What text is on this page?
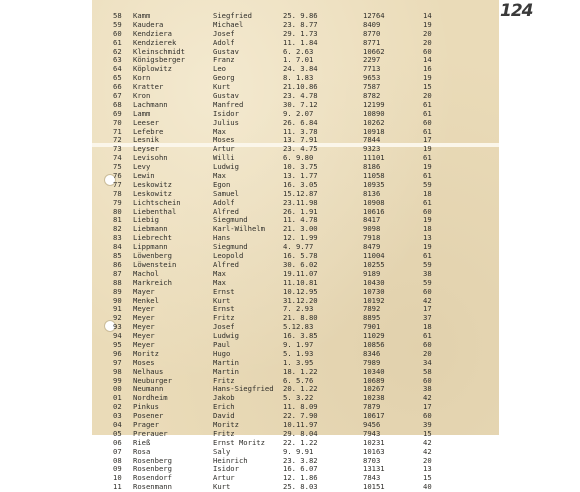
124
58 Kamm	Siegfried	25. 9.86	12764	14
59 Kaudera	Michael	23. 8.77	8409	19
60 Kendziera	Josef	29. 1.73	8770	20
61 Kendzierek	Adolf	11. 1.84	8771	20
62 Kleinschmidt	Gustav	6. 2.63	10662	60
63 Königsberger	Franz	1. 7.01	2297	14
64 Köplowitz	Leo	24. 3.84	7713	16
65 Korn	Georg	8. 1.83	9653	19
66 Kratter	Kurt	21.10.86	7587	15
67 Kron	Gustav	23. 4.78	8782	20
68 Lachmann	Manfred	30. 7.12	12199	61
69 Lamm	Isidor	9. 2.07	10890	61
70 Leeser	Julius	26. 6.84	10262	60
71 Lefebre	Max	11. 3.78	10918	61
72 Lesnik	Moses	13. 7.91	7844	17
73 Leyser	Artur	23. 4.75	9323	19
74 Levisohn	Willi	6. 9.80	11101	61
75 Levy	Ludwig	10. 3.75	8186	19
76 Lewin	Max	13. 1.77	11058	61
77 Leskowitz	Egon	16. 3.05	10935	59
78 Leskowitz	Samuel	15.12.87	8136	18
79 Lichtschein	Adolf	23.11.98	10908	61
80 Liebenthal	Alfred	26. 1.91	10616	60
81 Liebig	Siegmund	11. 4.78	8417	19
82 Liebmann	Karl-Wilhelm	21. 3.00	9098	18
83 Liebrecht	Hans	12. 1.99	7918	13
84 Lippmann	Siegmund	4. 9.77	8479	19
85 Löwenberg	Leopold	16. 5.78	11004	61
86 Löwenstein	Alfred	30. 6.02	10255	59
87 Machol	Max	19.11.07	9189	38
88 Markreich	Max	11.10.81	10430	59
89 Mayer	Ernst	10.12.95	10730	60
90 Menkel	Kurt	31.12.20	10192	42
91 Meyer	Ernst	7. 2.93	7892	17
92 Meyer	Fritz	21. 8.80	8895	37
93 Meyer	Josef	5.12.83	7901	18
94 Meyer	Ludwig	16. 3.85	11029	61
95 Meyer	Paul	9. 1.97	10856	60
96 Moritz	Hugo	5. 1.93	8346	20
97 Moses	Martin	1. 3.95	7989	34
98 Nelhaus	Martin	18. 1.22	10340	58
99 Neuburger	Fritz	6. 5.76	10689	60
00 Neumann	Hans-Siegfried 20. 1.22	10267	38
01 Nordheim	Jakob	5. 3.22	10238	42
02 Pinkus	Erich	11. 8.09	7879	17
03 Posener	David	22. 7.90	10617	60
04 Prager	Moritz	10.11.97	9456	39
05 Prerauer	Fritz	29. 8.04	7943	15
06 Rieß	Ernst Moritz	22. 1.22	10231	42
07 Rosa	Saly	9. 9.91	10163	42
08 Rosenberg	Heinrich	23. 3.82	8703	20
09 Rosenberg	Isidor	16. 6.07	13131	13
10 Rosendorf	Artur	12. 1.86	7843	15
11 Rosenmann	Kurt	25. 8.03	10151	40
